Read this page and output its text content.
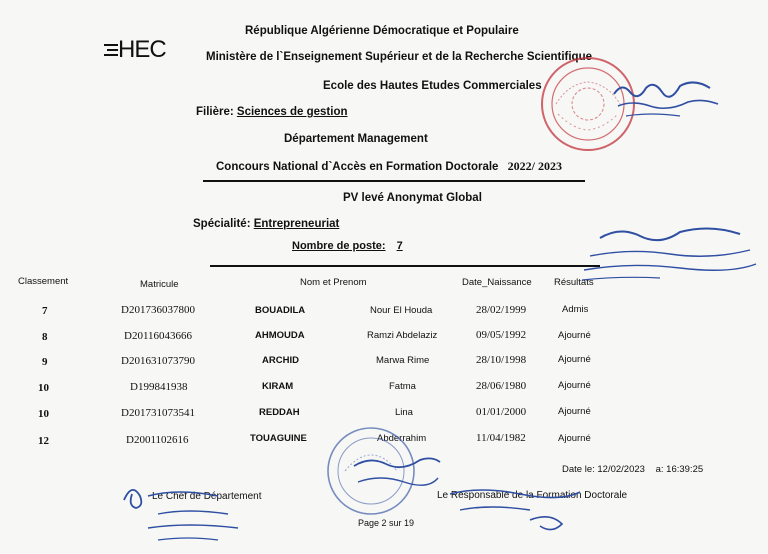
HEC
République Algérienne Démocratique et Populaire
Ministère de l`Enseignement Supérieur et de la Recherche Scientifique
Ecole des Hautes Etudes Commerciales
Filière: Sciences de gestion
Département Management
Concours National d`Accès en Formation Doctorale 2022/ 2023
PV levé Anonymat Global
Spécialité: Entrepreneuriat
Nombre de poste: 7
Classement	Matricule	Nom et Prenom	Date_Naissance Résultats
7	D201736037800	BOUADILA	Nour El Houda	28/02/1999	Admis
8	D20116043666	AHMOUDA	Ramzi Abdelaziz	09/05/1992	Ajourné
9	D201631073790	ARCHID	Marwa Rime	28/10/1998	Ajourné
10	D199841938	KIRAM	Fatma	28/06/1980	Ajourné
10	D201731073541	REDDAH	Lina	01/01/2000	Ajourné
12	D2001102616	TOUAGUINE	Abderrahim	11/04/1982	Ajourné
Date le: 12/02/2023 a: 16:39:25
Le Chef de Département	Le Responsable de la Formation Doctorale
Page 2 sur 19
